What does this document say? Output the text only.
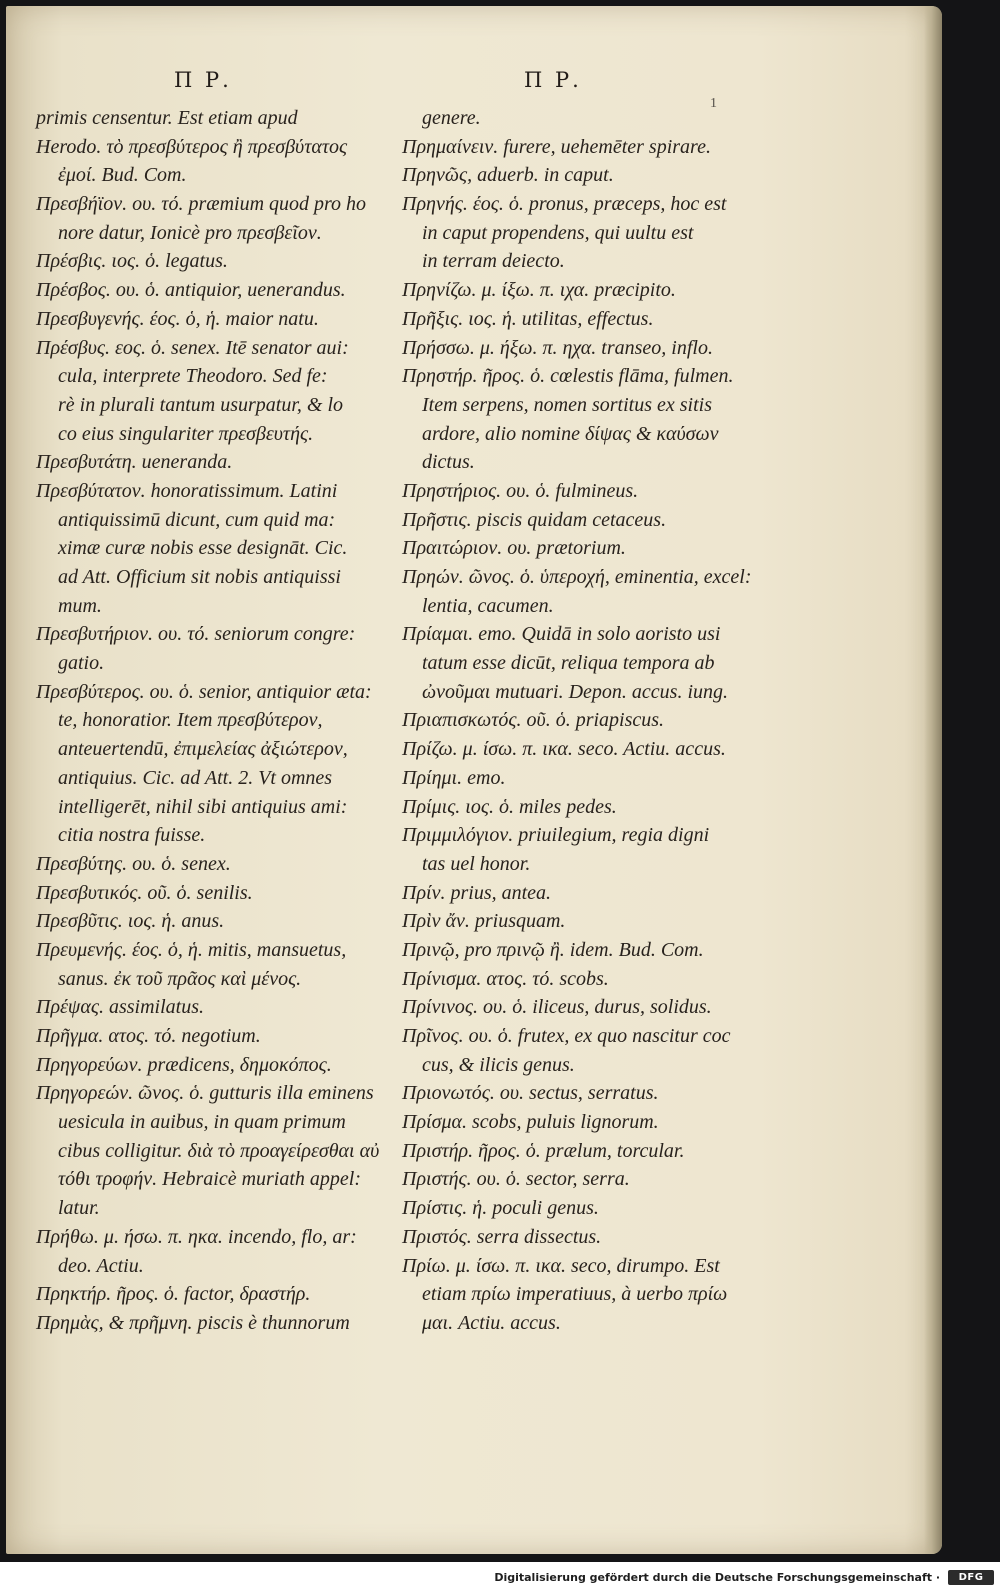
Π Ρ.	Π Ρ.
1
primis censentur. Est etiam apud
Herodo. τὸ πρεσβύτερος ἢ πρεσβύτατος
ἐμοί. Bud. Com.
Πρεσβήϊον. ου. τό. præmium quod pro ho
nore datur, Ionicè pro πρεσβεῖον.
Πρέσβις. ιος. ὁ. legatus.
Πρέσβος. ου. ὁ. antiquior, uenerandus.
Πρεσβυγενής. έος. ὁ, ἡ. maior natu.
Πρέσβυς. εος. ὁ. senex. Itē senator aui:
cula, interprete Theodoro. Sed fe:
rè in plurali tantum usurpatur, & lo
co eius singulariter πρεσβευτής.
Πρεσβυτάτη. ueneranda.
Πρεσβύτατον. honoratissimum. Latini
antiquissimū dicunt, cum quid ma:
ximæ curæ nobis esse designāt. Cic.
ad Att. Officium sit nobis antiquissi
mum.
Πρεσβυτήριον. ου. τό. seniorum congre:
gatio.
Πρεσβύτερος. ου. ὁ. senior, antiquior æta:
te, honoratior. Item πρεσβύτερον,
anteuertendū, ἐπιμελείας ἀξιώτερον,
antiquius. Cic. ad Att. 2. Vt omnes
intelligerēt, nihil sibi antiquius ami:
citia nostra fuisse.
Πρεσβύτης. ου. ὁ. senex.
Πρεσβυτικός. οῦ. ὁ. senilis.
Πρεσβῦτις. ιος. ἡ. anus.
Πρευμενής. έος. ὁ, ἡ. mitis, mansuetus,
sanus. ἐκ τοῦ πρᾶος καὶ μένος.
Πρέψας. assimilatus.
Πρῆγμα. ατος. τό. negotium.
Πρηγορεύων. prædicens, δημοκόπος.
Πρηγορεών. ῶνος. ὁ. gutturis illa eminens
uesicula in auibus, in quam primum
cibus colligitur. διὰ τὸ προαγείρεσθαι αὐ
τόθι τροφήν. Hebraicè muriath appel:
latur.
Πρήθω. μ. ήσω. π. ηκα. incendo, flo, ar:
deo. Actiu.
Πρηκτήρ. ῆρος. ὁ. factor, δραστήρ.
Πρημὰς, & πρῆμνη. piscis è thunnorum
genere.
Πρημαίνειν. furere, uehemēter spirare.
Πρηνῶς, aduerb. in caput.
Πρηνής. έος. ὁ. pronus, præceps, hoc est
in caput propendens, qui uultu est
in terram deiecto.
Πρηνίζω. μ. ίξω. π. ιχα. præcipito.
Πρῆξις. ιος. ἡ. utilitas, effectus.
Πρήσσω. μ. ήξω. π. ηχα. transeo, inflo.
Πρηστήρ. ῆρος. ὁ. cœlestis flāma, fulmen.
Item serpens, nomen sortitus ex sitis
ardore, alio nomine δίψας & καύσων
dictus.
Πρηστήριος. ου. ὁ. fulmineus.
Πρῆστις. piscis quidam cetaceus.
Πραιτώριον. ου. prætorium.
Πρηών. ῶνος. ὁ. ὑπεροχή, eminentia, excel:
lentia, cacumen.
Πρίαμαι. emo. Quidā in solo aoristo usi
tatum esse dicūt, reliqua tempora ab
ὠνοῦμαι mutuari. Depon. accus. iung.
Πριαπισκωτός. οῦ. ὁ. priapiscus.
Πρίζω. μ. ίσω. π. ικα. seco. Actiu. accus.
Πρίημι. emo.
Πρίμις. ιος. ὁ. miles pedes.
Πριμμιλόγιον. priuilegium, regia digni
tas uel honor.
Πρίν. prius, antea.
Πρὶν ἄν. priusquam.
Πρινῷ, pro πρινῷ ἢ. idem. Bud. Com.
Πρίνισμα. ατος. τό. scobs.
Πρίνινος. ου. ὁ. iliceus, durus, solidus.
Πρῖνος. ου. ὁ. frutex, ex quo nascitur coc
cus, & ilicis genus.
Πριονωτός. ου. sectus, serratus.
Πρίσμα. scobs, puluis lignorum.
Πριστήρ. ῆρος. ὁ. prælum, torcular.
Πριστής. ου. ὁ. sector, serra.
Πρίστις. ἡ. poculi genus.
Πριστός. serra dissectus.
Πρίω. μ. ίσω. π. ικα. seco, dirumpo. Est
etiam πρίω imperatiuus, à uerbo πρίω
μαι. Actiu. accus.
Digitalisierung gefördert durch die Deutsche Forschungsgemeinschaft ·	DFG
